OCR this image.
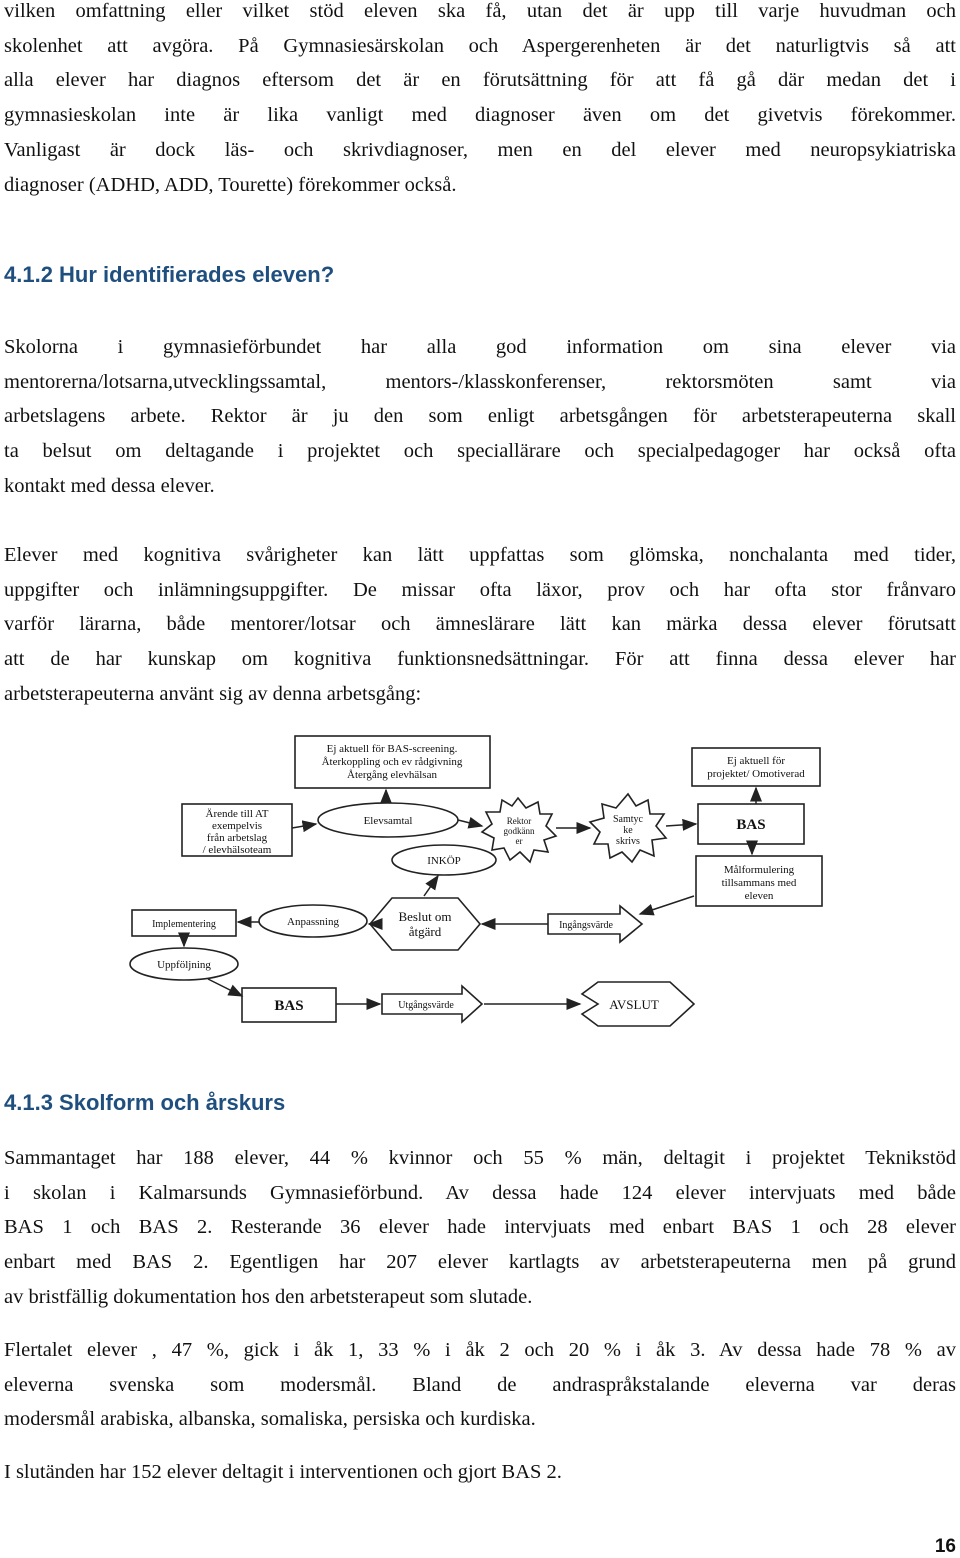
vilken omfattning eller vilket stöd eleven ska få, utan det är upp till varje huvudman och
skolenhet att avgöra. På Gymnasiesärskolan och Aspergerenheten är det naturligtvis så att
alla elever har diagnos eftersom det är en förutsättning för att få gå där medan det i
gymnasieskolan inte är lika vanligt med diagnoser även om det givetvis förekommer.
Vanligast är dock läs- och skrivdiagnoser, men en del elever med neuropsykiatriska
diagnoser (ADHD, ADD, Tourette) förekommer också.
4.1.2 Hur identifierades eleven?
Skolorna i gymnasieförbundet har alla god information om sina elever via
mentorerna/lotsarna,utvecklingssamtal, mentors-/klasskonferenser, rektorsmöten samt via
arbetslagens arbete. Rektor är ju den som enligt arbetsgången för arbetsterapeuterna skall
ta belsut om deltagande i projektet och speciallärare och specialpedagoger har också ofta
kontakt med dessa elever.
Elever med kognitiva svårigheter kan lätt uppfattas som glömska, nonchalanta med tider,
uppgifter och inlämningsuppgifter. De missar ofta läxor, prov och har ofta stor frånvaro
varför lärarna, både mentorer/lotsar och ämneslärare lätt kan märka dessa elever förutsatt
att de har kunskap om kognitiva funktionsnedsättningar. För att finna dessa elever har
arbetsterapeuterna använt sig av denna arbetsgång:
Ej aktuell för BAS-screening.
Återkoppling och ev rådgivning
Återgång elevhälsan
Ej aktuell för
projektet/ Omotiverad
Ärende till AT
exempelvis
från arbetslag
/ elevhälsoteam
Elevsamtal	Rektor
godkänn
er
Samtyc
ke
skrivs
BAS
INKÖP
Målformulering
tillsammans med
eleven
Implementering	Anpassning	Beslut om
åtgärd	Ingångsvärde
Uppföljning
BAS	Utgångsvärde	AVSLUT
4.1.3 Skolform och årskurs
Sammantaget har 188 elever, 44 % kvinnor och 55 % män, deltagit i projektet Teknikstöd
i skolan i Kalmarsunds Gymnasieförbund. Av dessa hade 124 elever intervjuats med både
BAS 1 och BAS 2. Resterande 36 elever hade intervjuats med enbart BAS 1 och 28 elever
enbart med BAS 2. Egentligen har 207 elever kartlagts av arbetsterapeuterna men på grund
av bristfällig dokumentation hos den arbetsterapeut som slutade.
Flertalet elever , 47 %, gick i åk 1, 33 % i åk 2 och 20 % i åk 3. Av dessa hade 78 % av
eleverna svenska som modersmål. Bland de andraspråkstalande eleverna var deras
modersmål arabiska, albanska, somaliska, persiska och kurdiska.
I slutänden har 152 elever deltagit i interventionen och gjort BAS 2.
16
